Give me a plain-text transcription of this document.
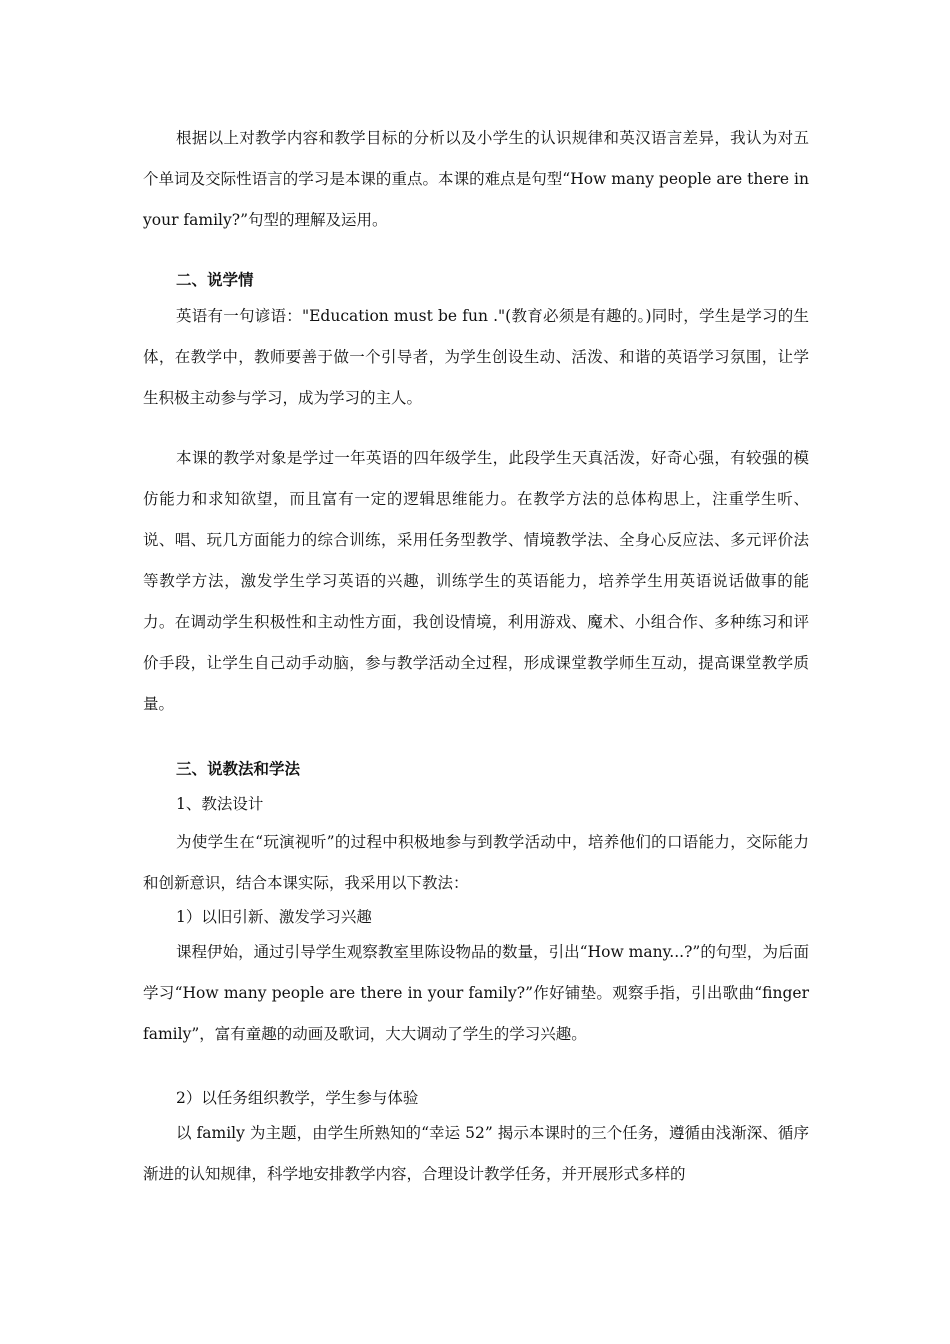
根据以上对教学内容和教学目标的分析以及小学生的认识规律和英汉语言差异，我认为对五个单词及交际性语言的学习是本课的重点。本课的难点是句型“How many people are there in your family?”句型的理解及运用。

二、说学情

英语有一句谚语："Education must be fun ."(教育必须是有趣的。)同时，学生是学习的生体，在教学中，教师要善于做一个引导者，为学生创设生动、活泼、和谐的英语学习氛围，让学生积极主动参与学习，成为学习的主人。

本课的教学对象是学过一年英语的四年级学生，此段学生天真活泼，好奇心强，有较强的模仿能力和求知欲望，而且富有一定的逻辑思维能力。在教学方法的总体构思上，注重学生听、说、唱、玩几方面能力的综合训练，采用任务型教学、情境教学法、全身心反应法、多元评价法等教学方法，激发学生学习英语的兴趣，训练学生的英语能力，培养学生用英语说话做事的能力。在调动学生积极性和主动性方面，我创设情境，利用游戏、魔术、小组合作、多种练习和评价手段，让学生自己动手动脑，参与教学活动全过程，形成课堂教学师生互动，提高课堂教学质量。

三、说教法和学法
1、教法设计

为使学生在“玩演视听”的过程中积极地参与到教学活动中，培养他们的口语能力，交际能力和创新意识，结合本课实际，我采用以下教法：

1）以旧引新、激发学习兴趣

课程伊始，通过引导学生观察教室里陈设物品的数量，引出“How many...?”的句型，为后面学习“How many people are there in your family?”作好铺垫。观察手指，引出歌曲“finger family”，富有童趣的动画及歌词，大大调动了学生的学习兴趣。

2）以任务组织教学，学生参与体验

以 family 为主题，由学生所熟知的“幸运 52” 揭示本课时的三个任务，遵循由浅渐深、循序渐进的认知规律，科学地安排教学内容，合理设计教学任务，并开展形式多样的
